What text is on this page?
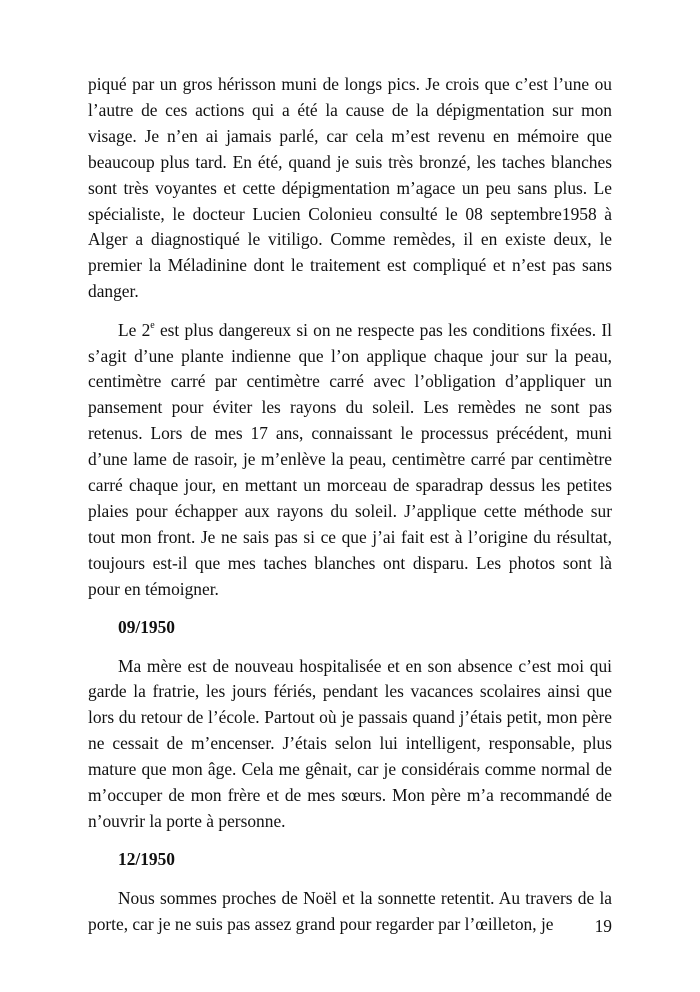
piqué par un gros hérisson muni de longs pics. Je crois que c’est l’une ou l’autre de ces actions qui a été la cause de la dépigmentation sur mon visage. Je n’en ai jamais parlé, car cela m’est revenu en mémoire que beaucoup plus tard. En été, quand je suis très bronzé, les taches blanches sont très voyantes et cette dépigmentation m’agace un peu sans plus. Le spécialiste, le docteur Lucien Colonieu consulté le 08 septembre1958 à Alger a diagnostiqué le vitiligo. Comme remèdes, il en existe deux, le premier la Méladinine dont le traitement est compliqué et n’est pas sans danger.

Le 2e est plus dangereux si on ne respecte pas les conditions fixées. Il s’agit d’une plante indienne que l’on applique chaque jour sur la peau, centimètre carré par centimètre carré avec l’obligation d’appliquer un pansement pour éviter les rayons du soleil. Les remèdes ne sont pas retenus. Lors de mes 17 ans, connaissant le processus précédent, muni d’une lame de rasoir, je m’enlève la peau, centimètre carré par centimètre carré chaque jour, en mettant un morceau de sparadrap dessus les petites plaies pour échapper aux rayons du soleil. J’applique cette méthode sur tout mon front. Je ne sais pas si ce que j’ai fait est à l’origine du résultat, toujours est-il que mes taches blanches ont disparu. Les photos sont là pour en témoigner.

09/1950

Ma mère est de nouveau hospitalisée et en son absence c’est moi qui garde la fratrie, les jours fériés, pendant les vacances scolaires ainsi que lors du retour de l’école. Partout où je passais quand j’étais petit, mon père ne cessait de m’encenser. J’étais selon lui intelligent, responsable, plus mature que mon âge. Cela me gênait, car je considérais comme normal de m’occuper de mon frère et de mes sœurs. Mon père m’a recommandé de n’ouvrir la porte à personne.

12/1950

Nous sommes proches de Noël et la sonnette retentit. Au travers de la porte, car je ne suis pas assez grand pour regarder par l’œilleton, je	19
